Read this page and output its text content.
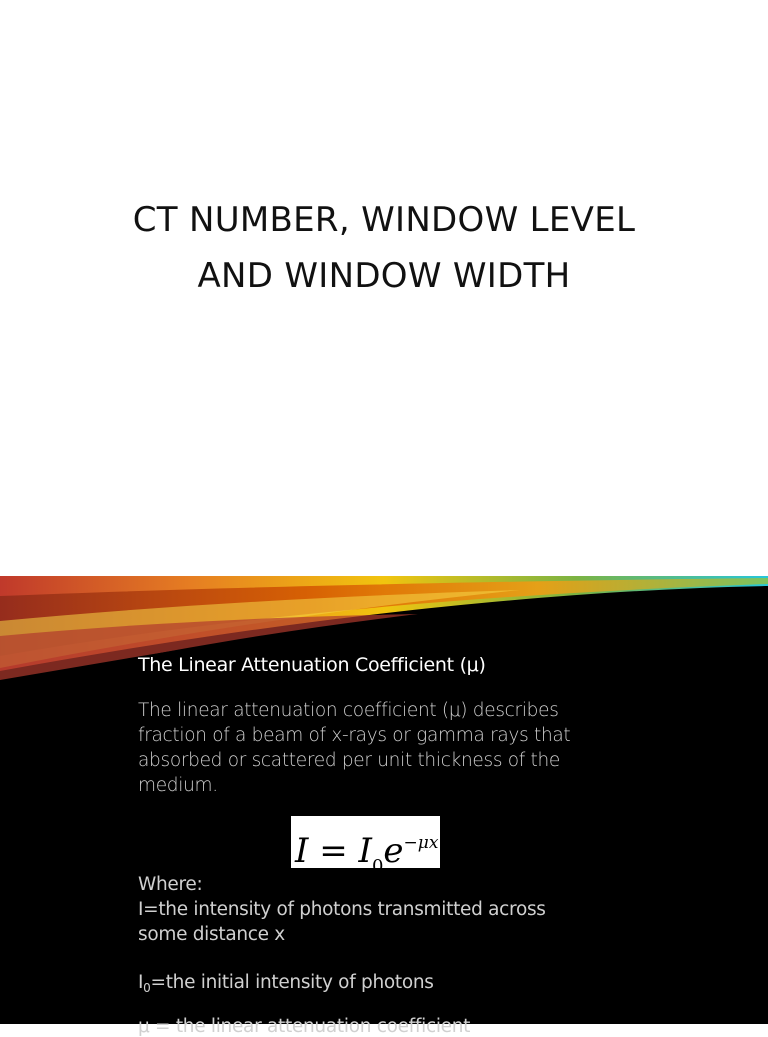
CT NUMBER, WINDOW LEVEL
AND WINDOW WIDTH
The Linear Attenuation Coefficient (μ)
The linear attenuation coefficient (μ) describes fraction of a beam of x-rays or gamma rays that absorbed or scattered per unit thickness of the medium.
$I = I_0e^{-\mu x}$
Where:
I=the intensity of photons transmitted across
some distance x
$I_0=the$ initial intensity of photons
μ = the linear attenuation coefficient
